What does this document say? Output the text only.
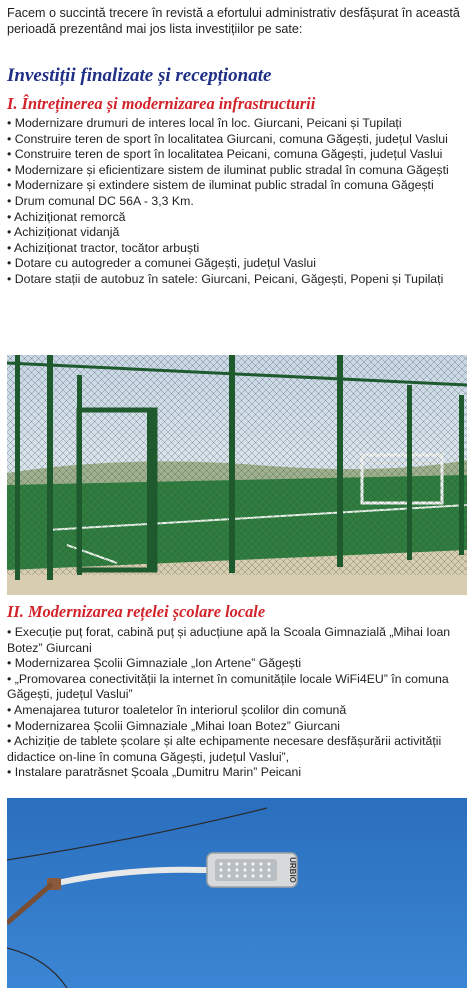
Facem o succintă trecere în revistă a efortului administrativ desfășurat în această perioadă prezentând mai jos lista investițiilor pe sate:

Investiții finalizate și recepționate
I. Întreținerea și modernizarea infrastructurii
• Modernizare drumuri de interes local în loc. Giurcani, Peicani și Tupilați
• Construire teren de sport în localitatea Giurcani, comuna Găgești, județul Vaslui
• Construire teren de sport în localitatea Peicani, comuna Găgești, județul Vaslui
• Modernizare și eficientizare sistem de iluminat public stradal în comuna Găgești
• Modernizare și extindere sistem de iluminat public stradal în comuna Găgești
• Drum comunal DC 56A - 3,3 Km.
• Achiziționat remorcă
• Achiziționat vidanjă
• Achiziționat tractor, tocător arbuști
• Dotare cu autogreder a comunei Găgești, județul Vaslui
• Dotare stații de autobuz în satele: Giurcani, Peicani, Găgești, Popeni și Tupilați
II. Modernizarea rețelei școlare locale
• Execuție puț forat, cabină puț și aducțiune apă la Scoala Gimnazială „Mihai Ioan Botez” Giurcani
• Modernizarea Școlii Gimnaziale „Ion Artene” Găgești
• „Promovarea conectivității la internet în comunitățile locale WiFi4EU” în comuna Găgești, județul Vaslui”
• Amenajarea tuturor toaletelor în interiorul școlilor din comună
• Modernizarea Școlii Gimnaziale „Mihai Ioan Botez” Giurcani
• Achiziție de tablete școlare și alte echipamente necesare desfășurării activității didactice on-line în comuna Găgești, județul Vaslui”,
• Instalare paratrăsnet Școala „Dumitru Marin” Peicani
URBIO
